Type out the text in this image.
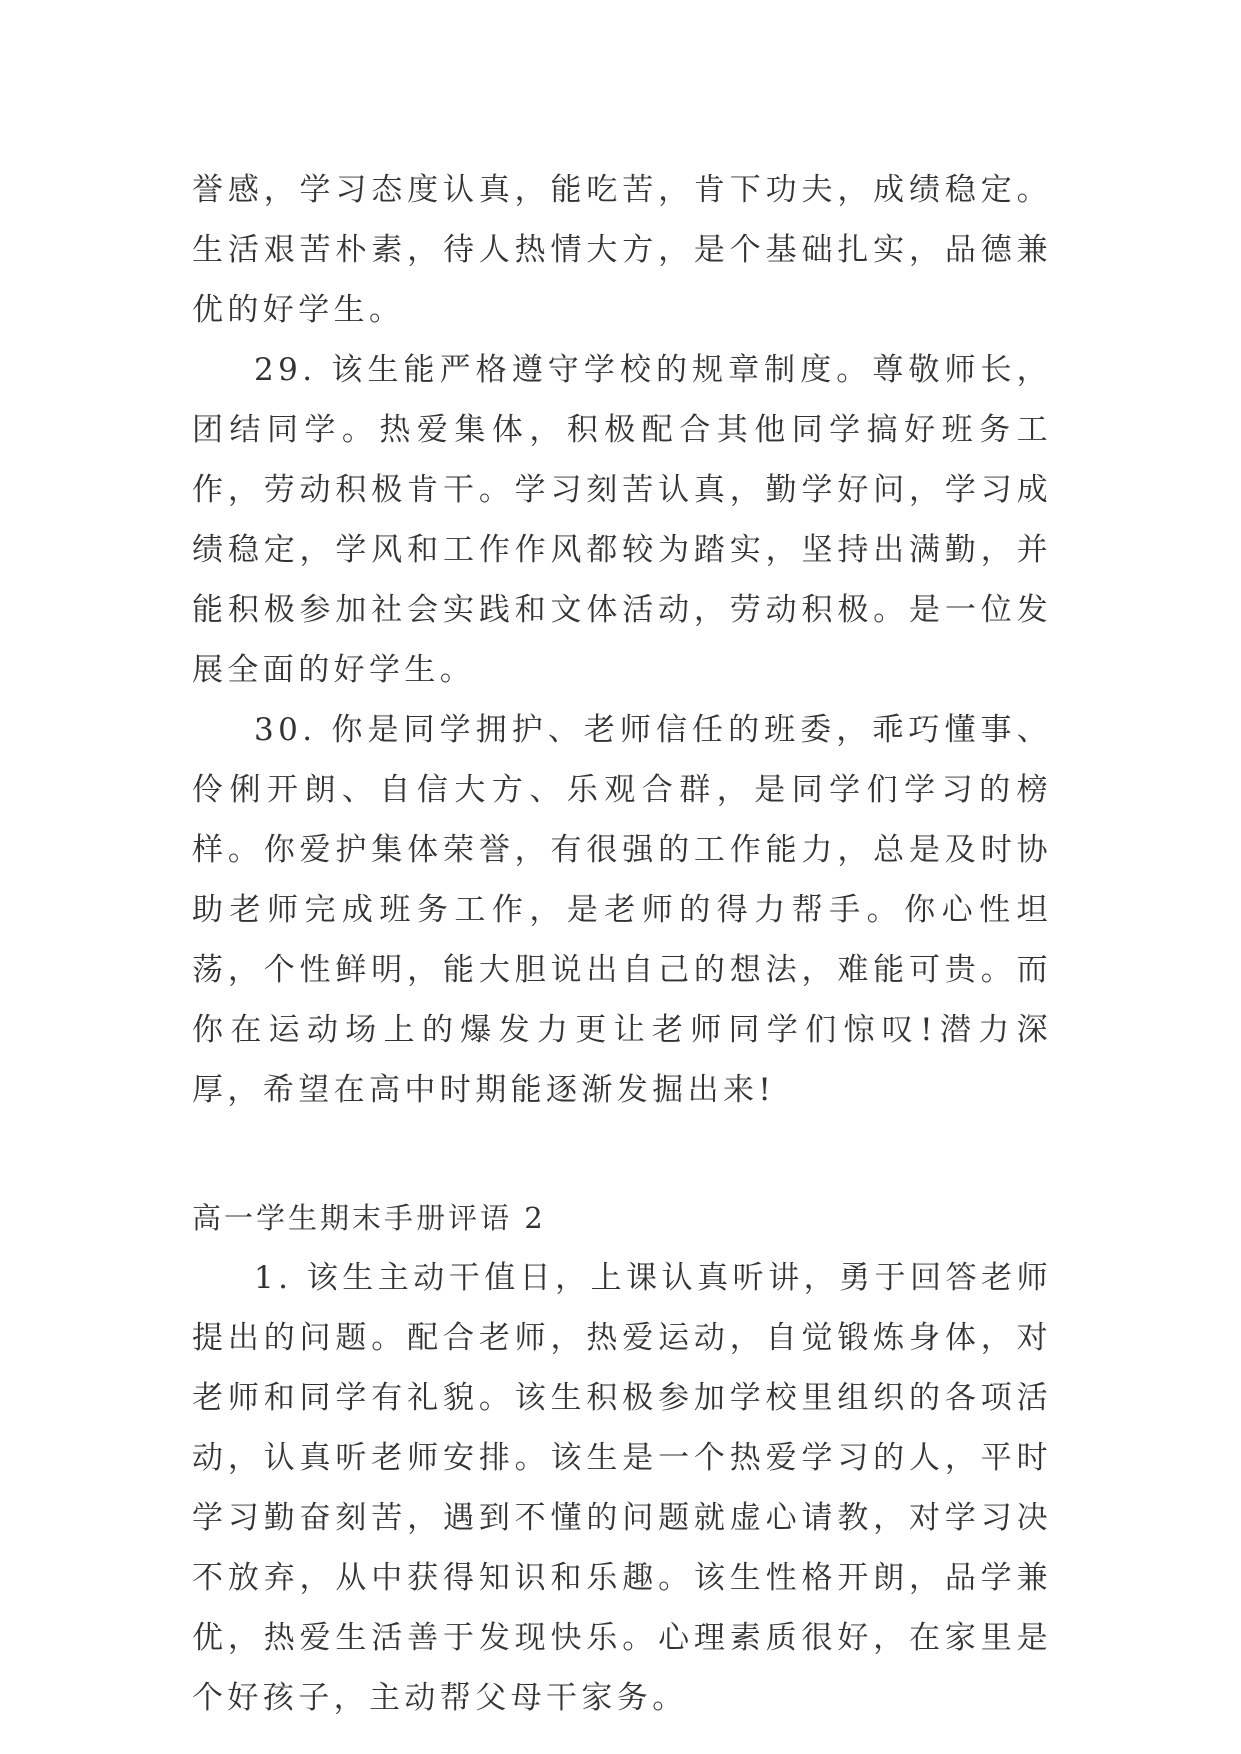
誉感，学习态度认真，能吃苦，肯下功夫，成绩稳定。生活艰苦朴素，待人热情大方，是个基础扎实，品德兼优的好学生。

29. 该生能严格遵守学校的规章制度。尊敬师长，团结同学。热爱集体，积极配合其他同学搞好班务工作，劳动积极肯干。学习刻苦认真，勤学好问，学习成绩稳定，学风和工作作风都较为踏实，坚持出满勤，并能积极参加社会实践和文体活动，劳动积极。是一位发展全面的好学生。

30. 你是同学拥护、老师信任的班委，乖巧懂事、伶俐开朗、自信大方、乐观合群，是同学们学习的榜样。你爱护集体荣誉，有很强的工作能力，总是及时协助老师完成班务工作，是老师的得力帮手。你心性坦荡，个性鲜明，能大胆说出自己的想法，难能可贵。而你在运动场上的爆发力更让老师同学们惊叹!潜力深厚，希望在高中时期能逐渐发掘出来!

高一学生期末手册评语 2

1. 该生主动干值日，上课认真听讲，勇于回答老师提出的问题。配合老师，热爱运动，自觉锻炼身体，对老师和同学有礼貌。该生积极参加学校里组织的各项活动，认真听老师安排。该生是一个热爱学习的人，平时学习勤奋刻苦，遇到不懂的问题就虚心请教，对学习决不放弃，从中获得知识和乐趣。该生性格开朗，品学兼优，热爱生活善于发现快乐。心理素质很好，在家里是个好孩子，主动帮父母干家务。
